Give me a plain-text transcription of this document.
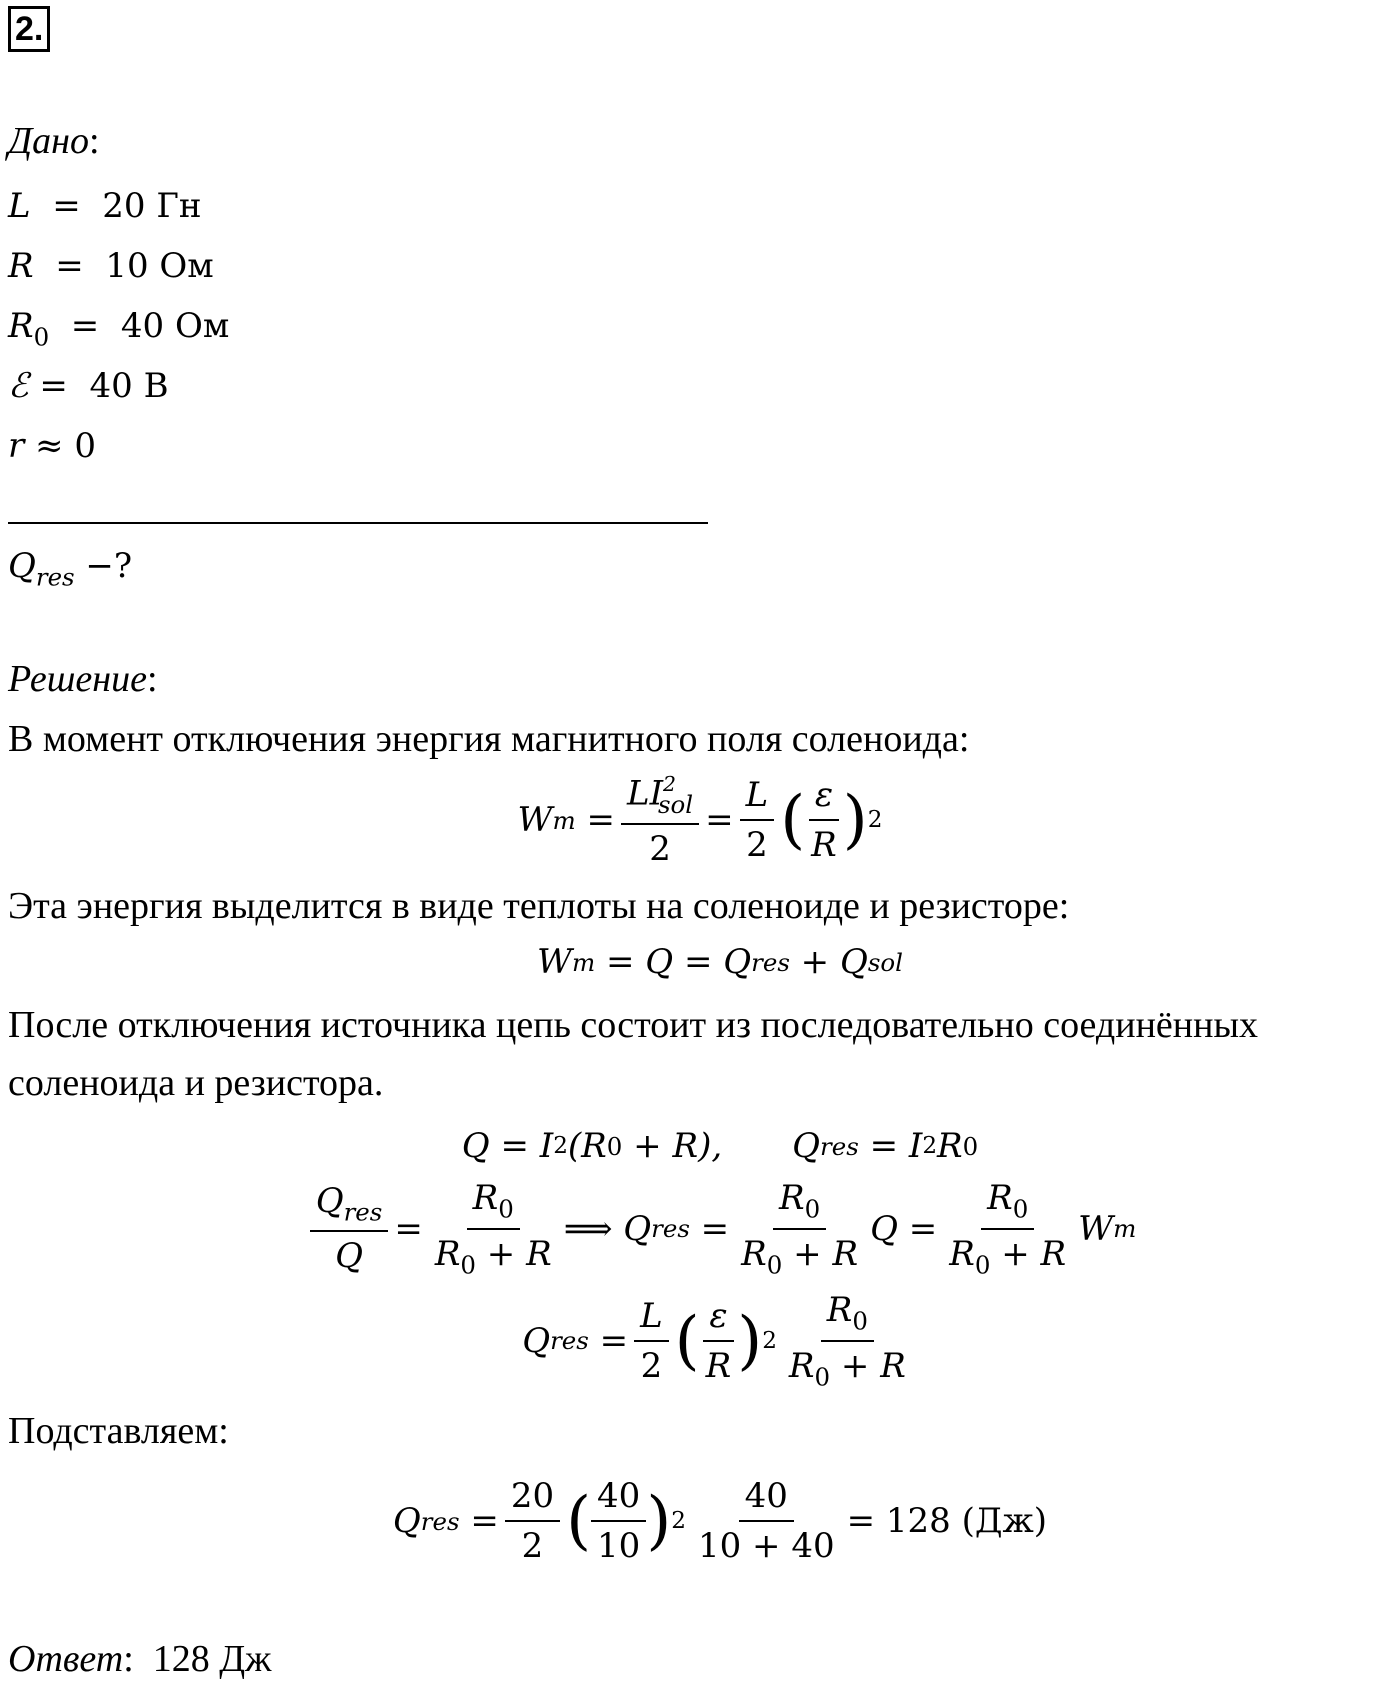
2.
Дано:
L  =  20 Гн
R  =  10 Ом
$R_0 = 40$ Ом
ℰ =  40 В
r ≈ 0
$Q_{res}$ −?
Решение:
В момент отключения энергия магнитного поля соленоида:
W $m = \frac{LI^2_{sol}}{2} = \frac{L}{2}$ ( $\frac{\varepsilon}{R}$ ) 2
Эта энергия выделится в виде теплоты на соленоиде и резисторе:
W m = Q = Q res + Q sol
После отключения источника цепь состоит из последовательно соединённых
соленоида и резистора.
Q = I 2 (R 0 + R), Q res = I 2 R 0
$\frac{Q_{res}}{Q} = \frac{R_0}{R_0 + R}$ ⟹ Q res = $\frac{R_0}{R_0 + R}$ $Q = \frac{R_0}{R_0 + R}$ W m
Q res = $\frac{L}{2}$ ( $\frac{\varepsilon}{R}$ ) $2 \frac{R_0}{R_0 + R}$
Подставляем:
Q res = $\frac{20}{2}$ ( $\frac{40}{10}$ ) $2 \frac{40}{10 + 40} = 128$ (Дж)
Ответ: 128 Дж
